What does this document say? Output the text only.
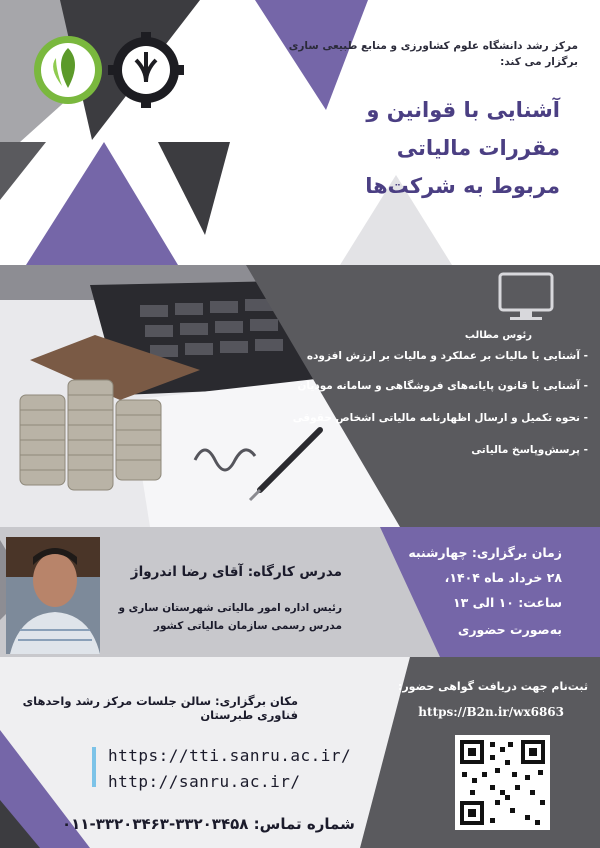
مرکز رشد دانشگاه علوم کشاورزی و منابع طبیعی ساری
برگزار می کند:
آشنایی با قوانین و
مقررات مالیاتی
مربوط به شرکت‌ها
رئوس مطالب
- آشنایی با مالیات بر عملکرد و مالیات بر ارزش افزوده
- آشنایی با قانون پایانه‌های فروشگاهی و سامانه مودیان
- نحوه تکمیل و ارسال اظهارنامه مالیاتی اشخاص حقوقی
- پرسش‌وپاسخ مالیاتی
زمان برگزاری: چهارشنبه
۲۸ خرداد ماه ۱۴۰۴،
ساعت: ۱۰ الی ۱۳
به‌صورت حضوری
مدرس کارگاه: آقای رضا اندرواژ
رئیس اداره امور مالیاتی شهرستان ساری و
مدرس رسمی سازمان مالیاتی کشور
مکان برگزاری: سالن جلسات مرکز رشد واحدهای فناوری طبرستان
ثبت‌نام جهت دریافت گواهی حضور:
https://B2n.ir/wx6863
https://tti.sanru.ac.ir/
http://sanru.ac.ir/
شماره تماس: ۳۳۲۰۳۴۵۸-۳۳۲۰۳۴۶۳-۰۱۱
